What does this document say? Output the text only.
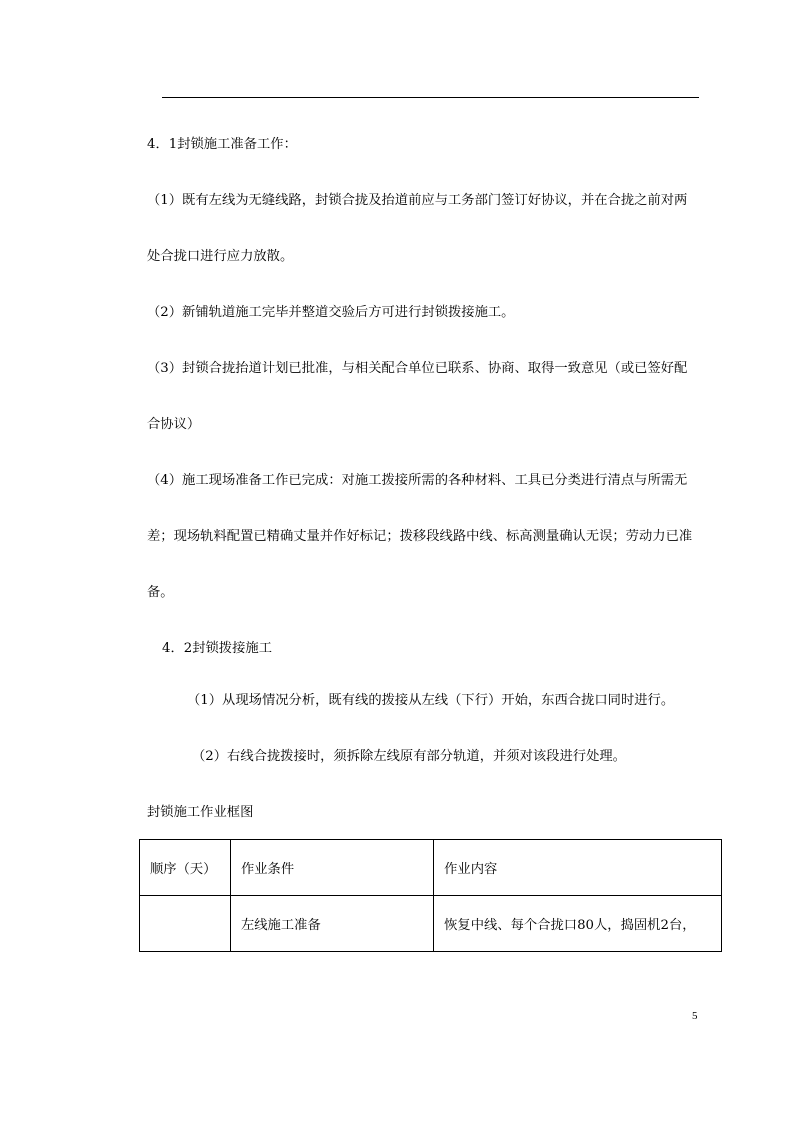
4．1封锁施工准备工作：
（1）既有左线为无缝线路，封锁合拢及抬道前应与工务部门签订好协议，并在合拢之前对两
处合拢口进行应力放散。
（2）新铺轨道施工完毕并整道交验后方可进行封锁拨接施工。
（3）封锁合拢抬道计划已批准，与相关配合单位已联系、协商、取得一致意见（或已签好配
合协议）
（4）施工现场准备工作已完成：对施工拨接所需的各种材料、工具已分类进行清点与所需无
差；现场轨料配置已精确丈量并作好标记；拨移段线路中线、标高测量确认无误；劳动力已准
备。
4．2封锁拨接施工
（1）从现场情况分析，既有线的拨接从左线（下行）开始，东西合拢口同时进行。
（2）右线合拢拨接时，须拆除左线原有部分轨道，并须对该段进行处理。
封锁施工作业框图
顺序（天）	作业条件	作业内容
	左线施工准备	恢复中线、每个合拢口80人，捣固机2台，
5
